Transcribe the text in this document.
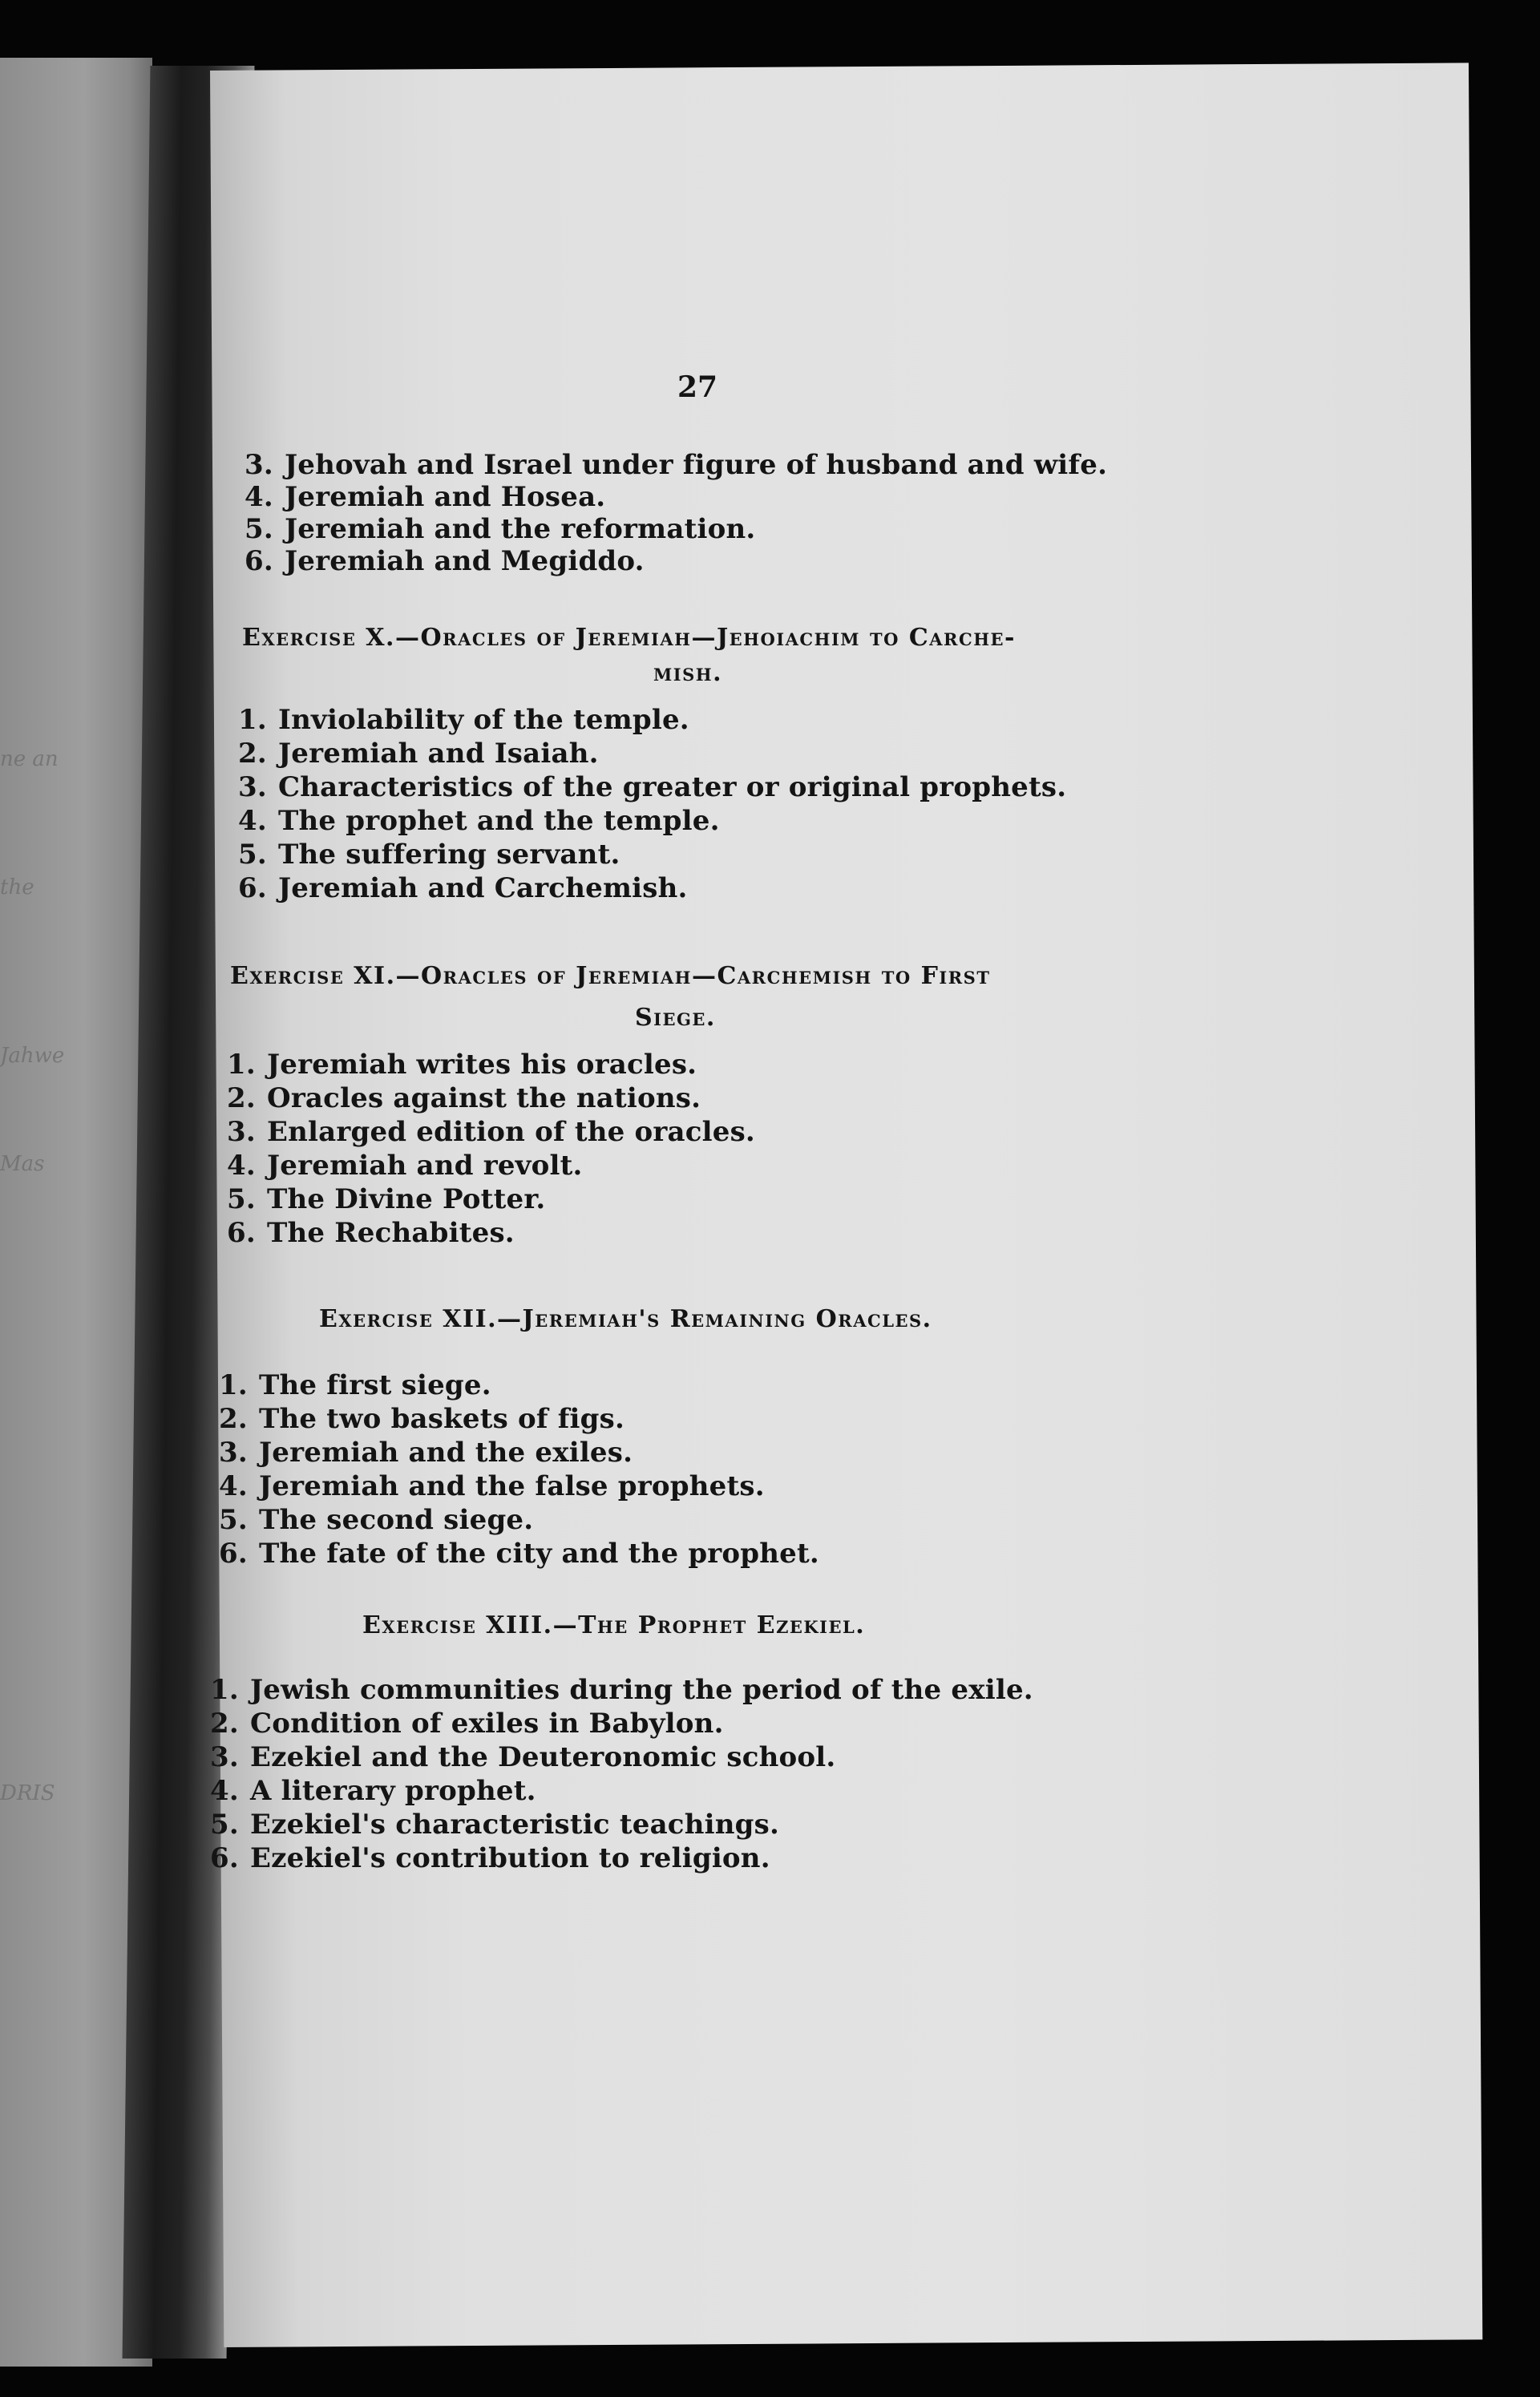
ne an
the
Jahwe
Mas
DRIS
27
3. Jehovah and Israel under figure of husband and wife.
4. Jeremiah and Hosea.
5. Jeremiah and the reformation.
6. Jeremiah and Megiddo.
Exercise X.—Oracles of Jeremiah—Jehoiachim to Carche-
mish.
1. Inviolability of the temple.
2. Jeremiah and Isaiah.
3. Characteristics of the greater or original prophets.
4. The prophet and the temple.
5. The suffering servant.
6. Jeremiah and Carchemish.
Exercise XI.—Oracles of Jeremiah—Carchemish to First
Siege.
1. Jeremiah writes his oracles.
2. Oracles against the nations.
3. Enlarged edition of the oracles.
4. Jeremiah and revolt.
5. The Divine Potter.
6. The Rechabites.
Exercise XII.—Jeremiah's Remaining Oracles.
1. The first siege.
2. The two baskets of figs.
3. Jeremiah and the exiles.
4. Jeremiah and the false prophets.
5. The second siege.
6. The fate of the city and the prophet.
Exercise XIII.—The Prophet Ezekiel.
1. Jewish communities during the period of the exile.
2. Condition of exiles in Babylon.
3. Ezekiel and the Deuteronomic school.
4. A literary prophet.
5. Ezekiel's characteristic teachings.
6. Ezekiel's contribution to religion.
